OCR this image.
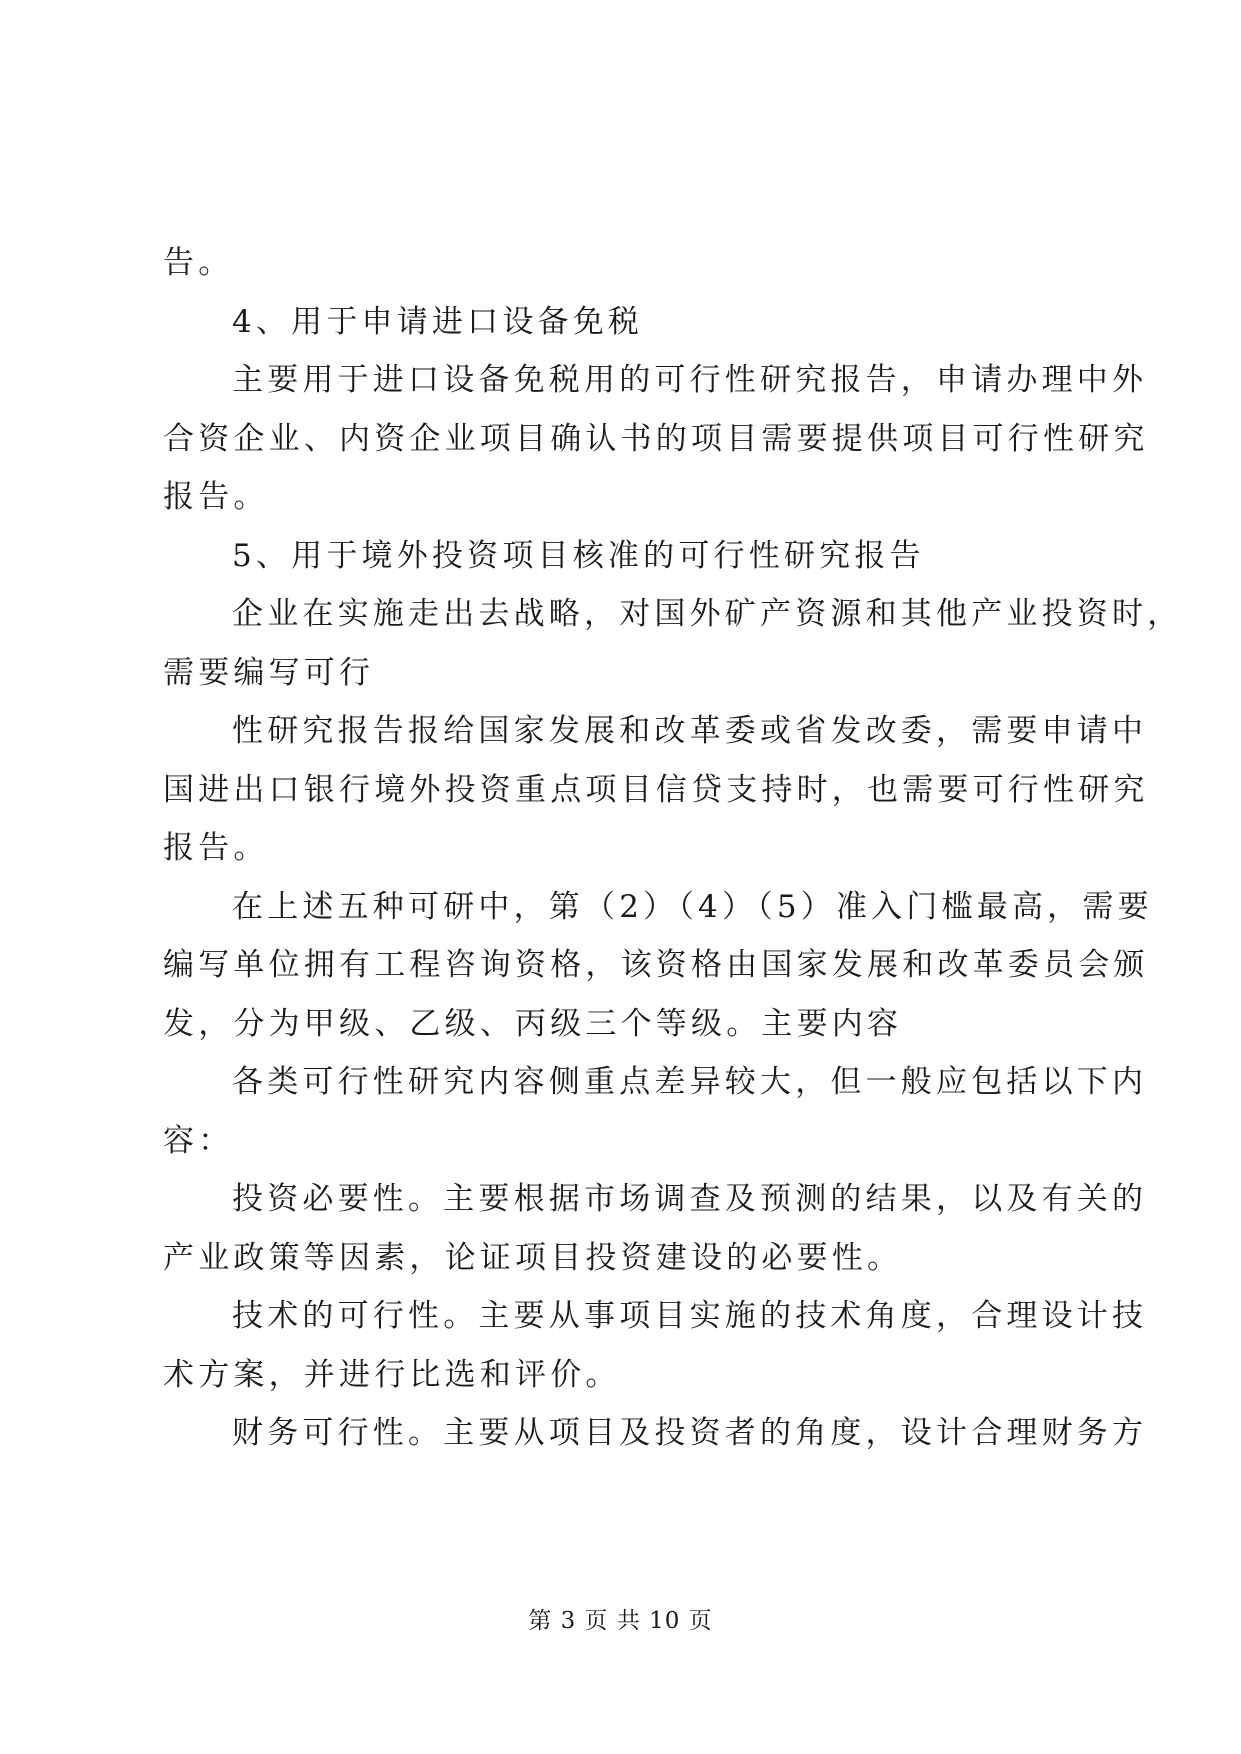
告。
4、用于申请进口设备免税
主要用于进口设备免税用的可行性研究报告，申请办理中外
合资企业、内资企业项目确认书的项目需要提供项目可行性研究
报告。
5、用于境外投资项目核准的可行性研究报告
企业在实施走出去战略，对国外矿产资源和其他产业投资时，
需要编写可行
性研究报告报给国家发展和改革委或省发改委，需要申请中
国进出口银行境外投资重点项目信贷支持时，也需要可行性研究
报告。
在上述五种可研中，第（2）（4）（5）准入门槛最高，需要
编写单位拥有工程咨询资格，该资格由国家发展和改革委员会颁
发，分为甲级、乙级、丙级三个等级。主要内容
各类可行性研究内容侧重点差异较大，但一般应包括以下内
容：
投资必要性。主要根据市场调查及预测的结果，以及有关的
产业政策等因素，论证项目投资建设的必要性。
技术的可行性。主要从事项目实施的技术角度，合理设计技
术方案，并进行比选和评价。
财务可行性。主要从项目及投资者的角度，设计合理财务方
第 3 页 共 10 页
